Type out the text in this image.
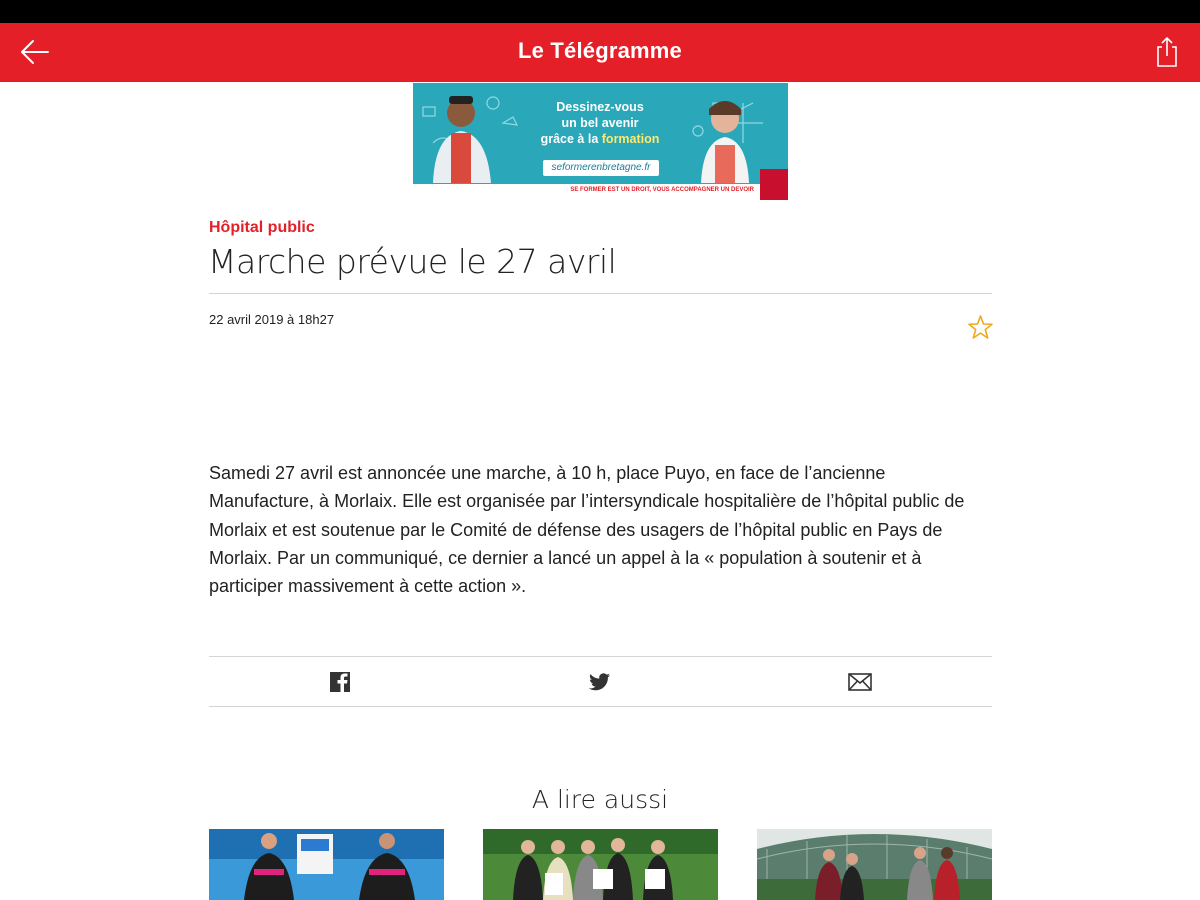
Le Télégramme
Dessinez-vous
un bel avenir
grâce à la formation
seformerenbretagne.fr
SE FORMER EST UN DROIT, VOUS ACCOMPAGNER UN DEVOIR
Hôpital public
Marche prévue le 27 avril
22 avril 2019 à 18h27

Samedi 27 avril est annoncée une marche, à 10 h, place Puyo, en face de l’ancienne Manufacture, à Morlaix. Elle est organisée par l’intersyndicale hospitalière de l’hôpital public de Morlaix et est soutenue par le Comité de défense des usagers de l’hôpital public en Pays de Morlaix. Par un communiqué, ce dernier a lancé un appel à la « population à soutenir et à participer massivement à cette action ».

A lire aussi
